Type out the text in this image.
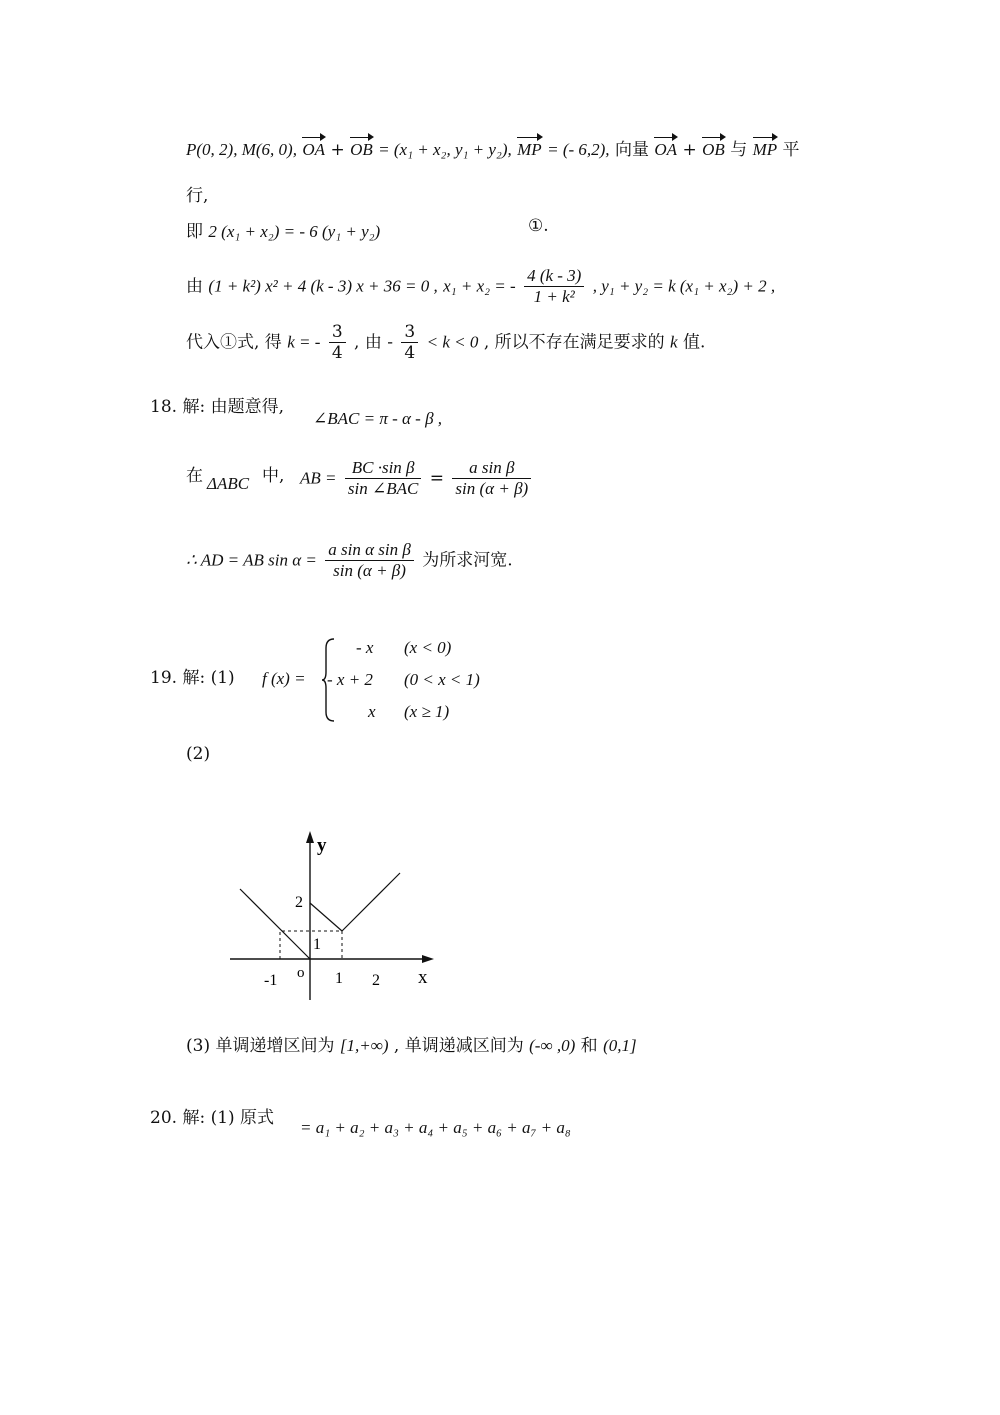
P(0, 2), M(6, 0), OA + OB = (x₁ + x₂, y₁ + y₂), MP = (- 6,2), 向量 OA + OB 与 MP 平
行,
即 2 (x₁ + x₂) = - 6 (y₁ + y₂)	①.
由 (1 + k²) x² + 4 (k - 3) x + 36 = 0 , x₁ + x₂ = - $\frac{4 (k - 3)}{\text{1 + k²}}$ , y₁ + y₂ = k (x₁ + x₂) + 2 ,
代入①式, 得 k = - $\frac{3}{4}$ , 由 - $\frac{3}{4} < k < 0$ , 所以不存在满足要求的 k 值.
18. 解: 由题意得,
∠BAC = π - α - β ,
在 ΔABC 中, AB = $\frac{\text{BC ·sin β}}{\text{sin ∠BAC}} = \frac{\text{a sin β}}{\sin (\alpha + \beta)}$
∴ AD = AB $\sin \alpha = \frac{\text{a sin α sin β}}{\sin (\alpha + \beta)}$ 为所求河宽.
19. 解: (1) f (x) =
- x (x < 0)
- x + 2 (0 < x < 1)
x (x ≥ 1)
(2)
y
x
2
1
o
-1	1 2
(3) 单调递增区间为 [1,+∞) , 单调递减区间为 (-∞ ,0) 和 (0,1]
20. 解: (1) 原式 = a₁ + a₂ + a₃ + a₄ + a₅ + a₆ + a₇ + a₈
